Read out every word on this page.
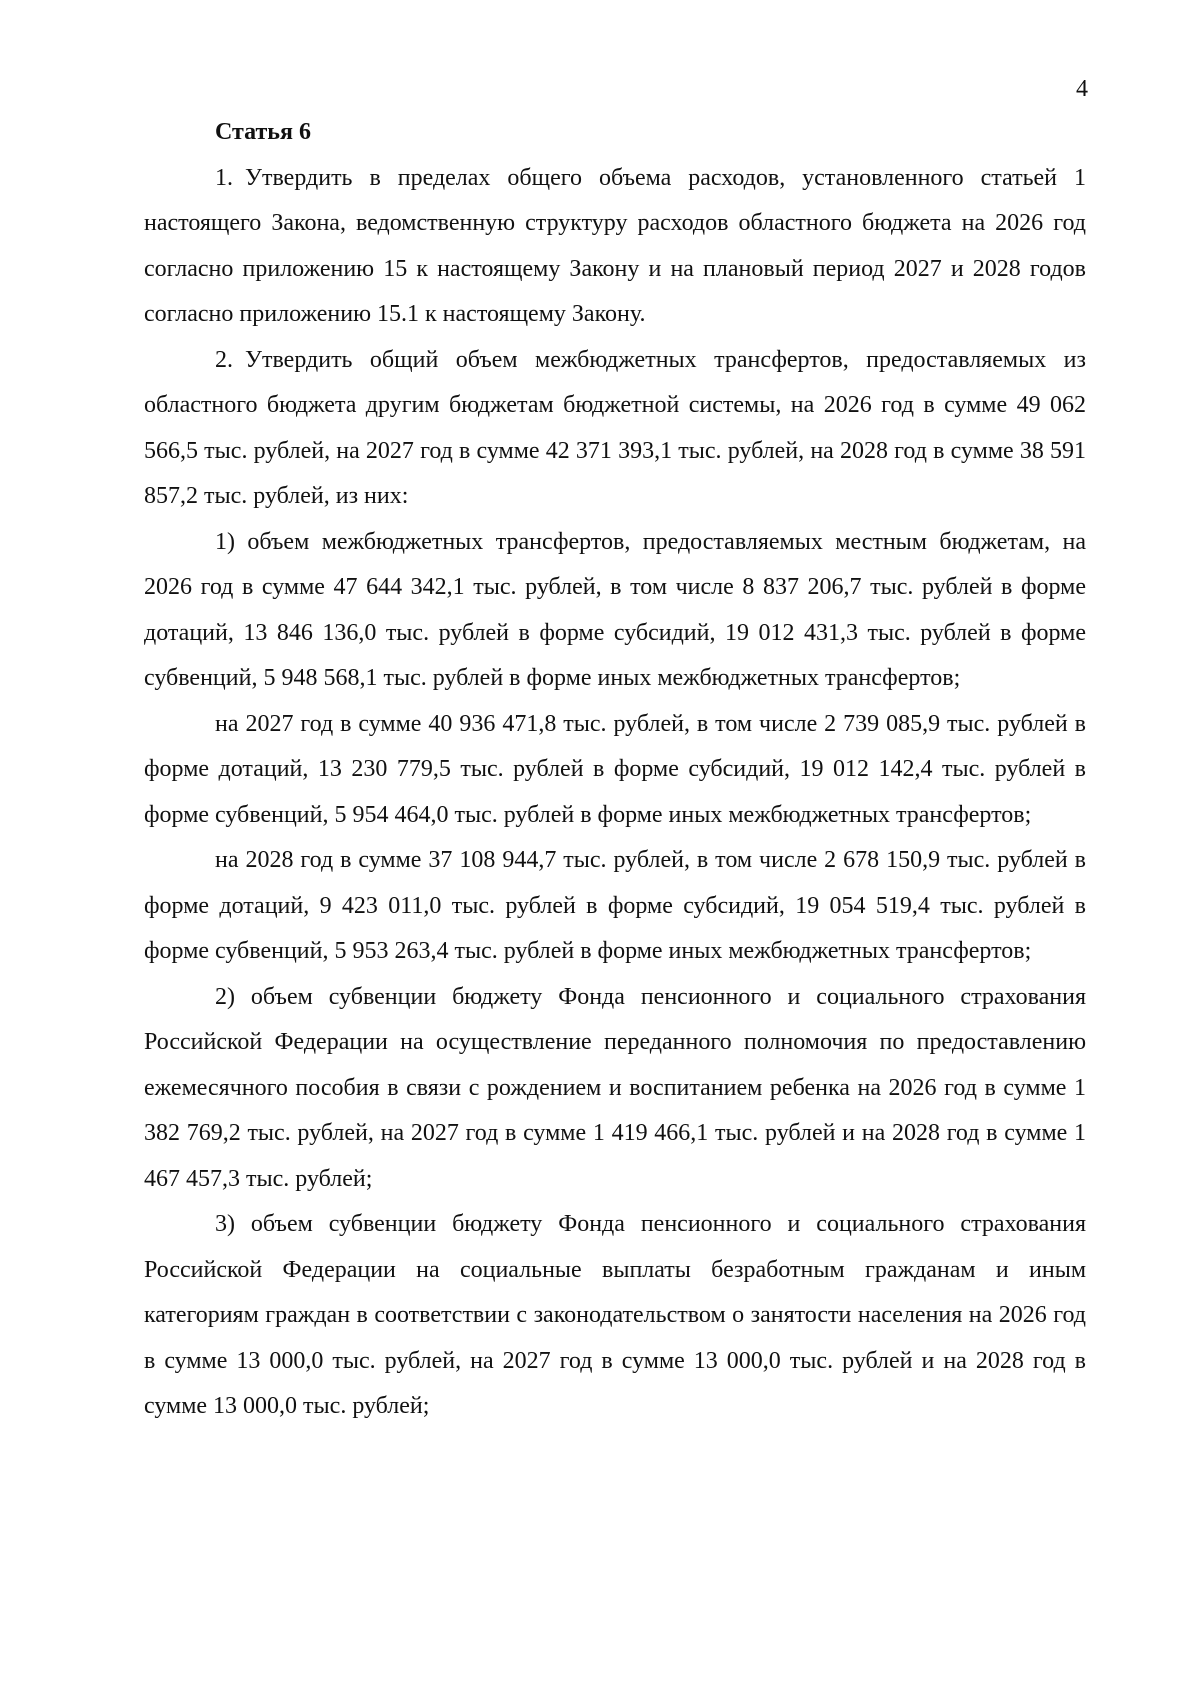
4

Статья 6

1. Утвердить в пределах общего объема расходов, установленного статьей 1 настоящего Закона, ведомственную структуру расходов областного бюджета на 2026 год согласно приложению 15 к настоящему Закону и на плановый период 2027 и 2028 годов согласно приложению 15.1 к настоящему Закону.

2. Утвердить общий объем межбюджетных трансфертов, предоставляемых из областного бюджета другим бюджетам бюджетной системы, на 2026 год в сумме 49 062 566,5 тыс. рублей, на 2027 год в сумме 42 371 393,1 тыс. рублей, на 2028 год в сумме 38 591 857,2 тыс. рублей, из них:

1) объем межбюджетных трансфертов, предоставляемых местным бюджетам, на 2026 год в сумме 47 644 342,1 тыс. рублей, в том числе 8 837 206,7 тыс. рублей в форме дотаций, 13 846 136,0 тыс. рублей в форме субсидий, 19 012 431,3 тыс. рублей в форме субвенций, 5 948 568,1 тыс. рублей в форме иных межбюджетных трансфертов;

на 2027 год в сумме 40 936 471,8 тыс. рублей, в том числе 2 739 085,9 тыс. рублей в форме дотаций, 13 230 779,5 тыс. рублей в форме субсидий, 19 012 142,4 тыс. рублей в форме субвенций, 5 954 464,0 тыс. рублей в форме иных межбюджетных трансфертов;

на 2028 год в сумме 37 108 944,7 тыс. рублей, в том числе 2 678 150,9 тыс. рублей в форме дотаций, 9 423 011,0 тыс. рублей в форме субсидий, 19 054 519,4 тыс. рублей в форме субвенций, 5 953 263,4 тыс. рублей в форме иных межбюджетных трансфертов;

2) объем субвенции бюджету Фонда пенсионного и социального страхования Российской Федерации на осуществление переданного полномочия по предоставлению ежемесячного пособия в связи с рождением и воспитанием ребенка на 2026 год в сумме 1 382 769,2 тыс. рублей, на 2027 год в сумме 1 419 466,1 тыс. рублей и на 2028 год в сумме 1 467 457,3 тыс. рублей;

3) объем субвенции бюджету Фонда пенсионного и социального страхования Российской Федерации на социальные выплаты безработным гражданам и иным категориям граждан в соответствии с законодательством о занятости населения на 2026 год в сумме 13 000,0 тыс. рублей, на 2027 год в сумме 13 000,0 тыс. рублей и на 2028 год в сумме 13 000,0 тыс. рублей;
